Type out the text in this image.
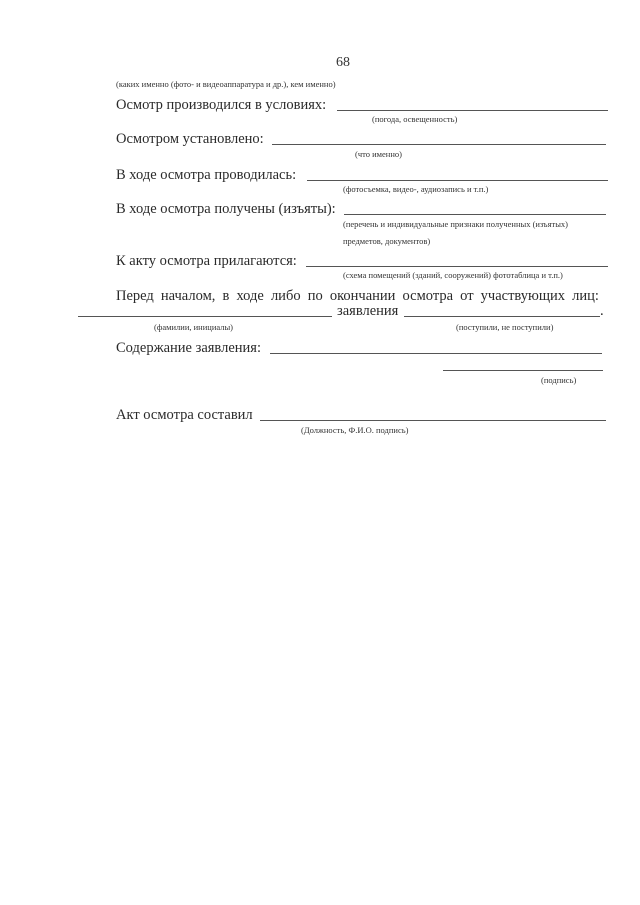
68
(каких именно (фото- и видеоаппаратура и др.), кем именно)
Осмотр производился в условиях:
(погода, освещенность)
Осмотром установлено:
(что именно)
В ходе осмотра проводилась:
(фотосъемка, видео-, аудиозапись и т.п.)
В ходе осмотра получены (изъяты):
(перечень и индивидуальные признаки полученных (изъятых)
предметов, документов)
К акту осмотра прилагаются:
(схема помещений (зданий, сооружений) фототаблица и т.п.)
Перед началом, в ходе либо по окончании осмотра от участвующих лиц:
заявления	.
(фамилии, инициалы)	(поступили, не поступили)
Содержание заявления:
(подпись)
Акт осмотра составил
(Должность, Ф.И.О. подпись)
